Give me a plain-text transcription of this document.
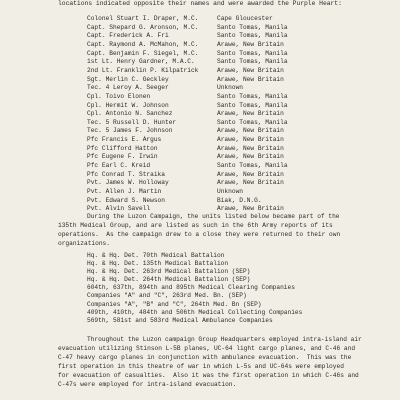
locations indicated opposite their names and were awarded the Purple Heart:
Colonel Stuart I. Draper, M.C.	Cape Gloucester
Capt. Shepard G. Aronson, M.C.	Santo Tomas, Manila
Capt. Frederick A. Fri	Santo Tomas, Manila
Capt. Raymond A. McMahon, M.C.	Arawe, New Britain
Capt. Benjamin F. Siegel, M.C.	Santo Tomas, Manila
1st Lt. Henry Gardner, M.A.C.	Santo Tomas, Manila
2nd Lt. Franklin P. Kilpatrick	Arawe, New Britain
Sgt. Merlin C. Geckley	Arawe, New Britain
Tec. 4 Leroy A. Seeger	Unknown
Cpl. Toivo Elonen	Santo Tomas, Manila
Cpl. Hermit W. Johnson	Santo Tomas, Manila
Cpl. Antonio N. Sanchez	Arawe, New Britain
Tec. 5 Russell D. Hunter	Santo Tomas, Manila
Tec. 5 James F. Johnson	Arawe, New Britain
Pfc Francis E. Argus	Arawe, New Britain
Pfc Clifford Hatton	Arawe, New Britain
Pfc Eugene F. Irwin	Arawe, New Britain
Pfc Earl C. Kreid	Santo Tomas, Manila
Pfc Conrad T. Straika	Arawe, New Britain
Pvt. James W. Holloway	Arawe, New Britain
Pvt. Allen J. Martin	Unknown
Pvt. Edward S. Newson	Biak, D.N.G.
Pvt. Alvin Savell	Arawe, New Britain

During the Luzon Campaign, the units listed below became part of the

135th Medical Group, and are listed as such in the 6th Army reports of its

operations.  As the campaign drew to a close they were returned to their own

organizations.

Hq. & Hq. Det. 70th Medical Battalion
Hq. & Hq. Det. 135th Medical Battalion
Hq. & Hq. Det. 263rd Medical Battalion (SEP)
Hq. & Hq. Det. 264th Medical Battalion (SEP)
604th, 637th, 894th and 895th Medical Clearing Companies
Companies "A" and "C", 263rd Med. Bn. (SEP)
Companies "A", "B" and "C", 264th Med. Bn (SEP)
409th, 410th, 484th and 506th Medical Collecting Companies
569th, 581st and 583rd Medical Ambulance Companies

Throughout the Luzon campaign Group Headquarters employed intra-island air

evacuation utilizing Stinson L-5B planes, UC-64 light cargo planes, and C-46 and

C-47 heavy cargo planes in conjunction with ambulance evacuation.  This was the

first operation in this theatre of war in which L-5s and UC-64s were employed

for evacuation of casualties.  Also it was the first operation in which C-46s and

C-47s were employed for intra-island evacuation.
